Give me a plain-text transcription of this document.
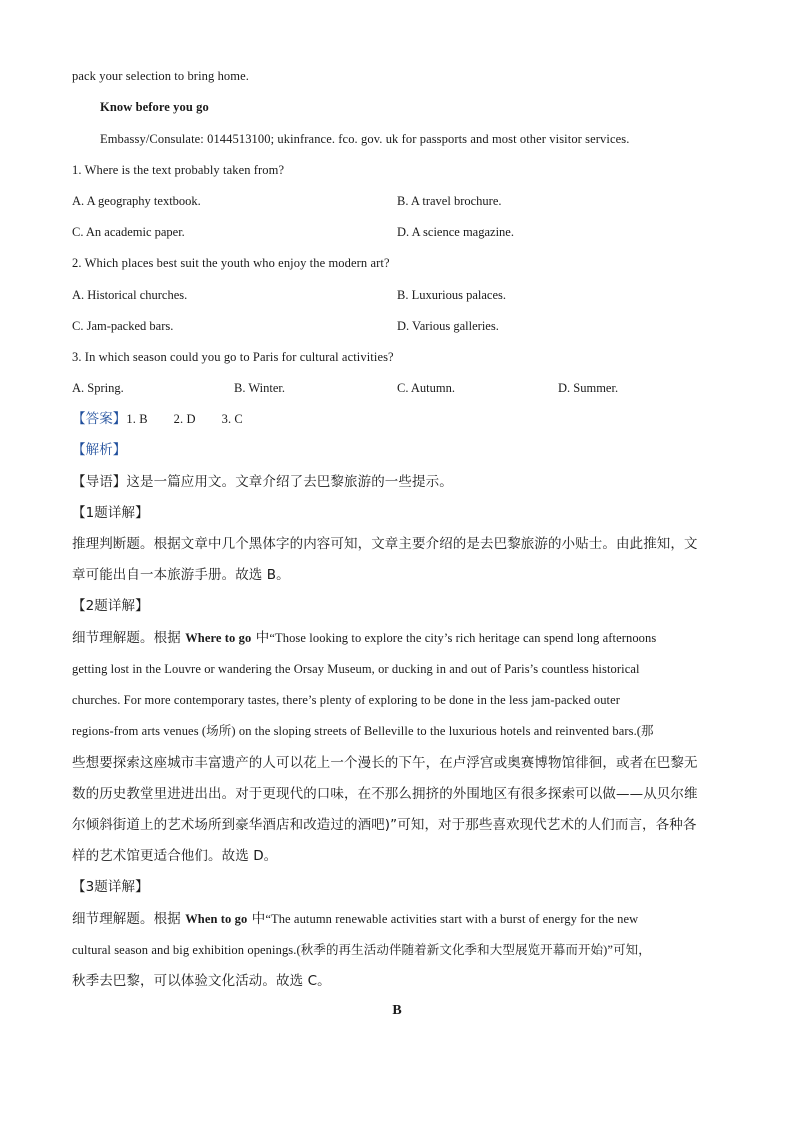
pack your selection to bring home.
Know before you go
Embassy/Consulate: 0144513100; ukinfrance. fco. gov. uk for passports and most other visitor services.
1. Where is the text probably taken from?
A. A geography textbook.	B. A travel brochure.
C. An academic paper.	D. A science magazine.
2. Which places best suit the youth who enjoy the modern art?
A. Historical churches.	B. Luxurious palaces.
C. Jam-packed bars.	D. Various galleries.
3. In which season could you go to Paris for cultural activities?
A. Spring.	B. Winter.	C. Autumn.	D. Summer.
【答案】1. B 2. D 3. C
【解析】
【导语】这是一篇应用文。文章介绍了去巴黎旅游的一些提示。
【1题详解】
推理判断题。根据文章中几个黑体字的内容可知，文章主要介绍的是去巴黎旅游的小贴士。由此推知，文
章可能出自一本旅游手册。故选 B。
【2题详解】
细节理解题。根据 Where to go 中“Those looking to explore the city’s rich heritage can spend long afternoons
getting lost in the Louvre or wandering the Orsay Museum, or ducking in and out of Paris’s countless historical
churches. For more contemporary tastes, there’s plenty of exploring to be done in the less jam-packed outer
regions-from arts venues (场所) on the sloping streets of Belleville to the luxurious hotels and reinvented bars.(那
些想要探索这座城市丰富遗产的人可以花上一个漫长的下午，在卢浮宫或奥赛博物馆徘徊，或者在巴黎无
数的历史教堂里进进出出。对于更现代的口味，在不那么拥挤的外围地区有很多探索可以做——从贝尔维
尔倾斜街道上的艺术场所到豪华酒店和改造过的酒吧)”可知，对于那些喜欢现代艺术的人们而言，各种各
样的艺术馆更适合他们。故选 D。
【3题详解】
细节理解题。根据 When to go 中“The autumn renewable activities start with a burst of energy for the new
cultural season and big exhibition openings.(秋季的再生活动伴随着新文化季和大型展览开幕而开始)”可知，
秋季去巴黎，可以体验文化活动。故选 C。
B
